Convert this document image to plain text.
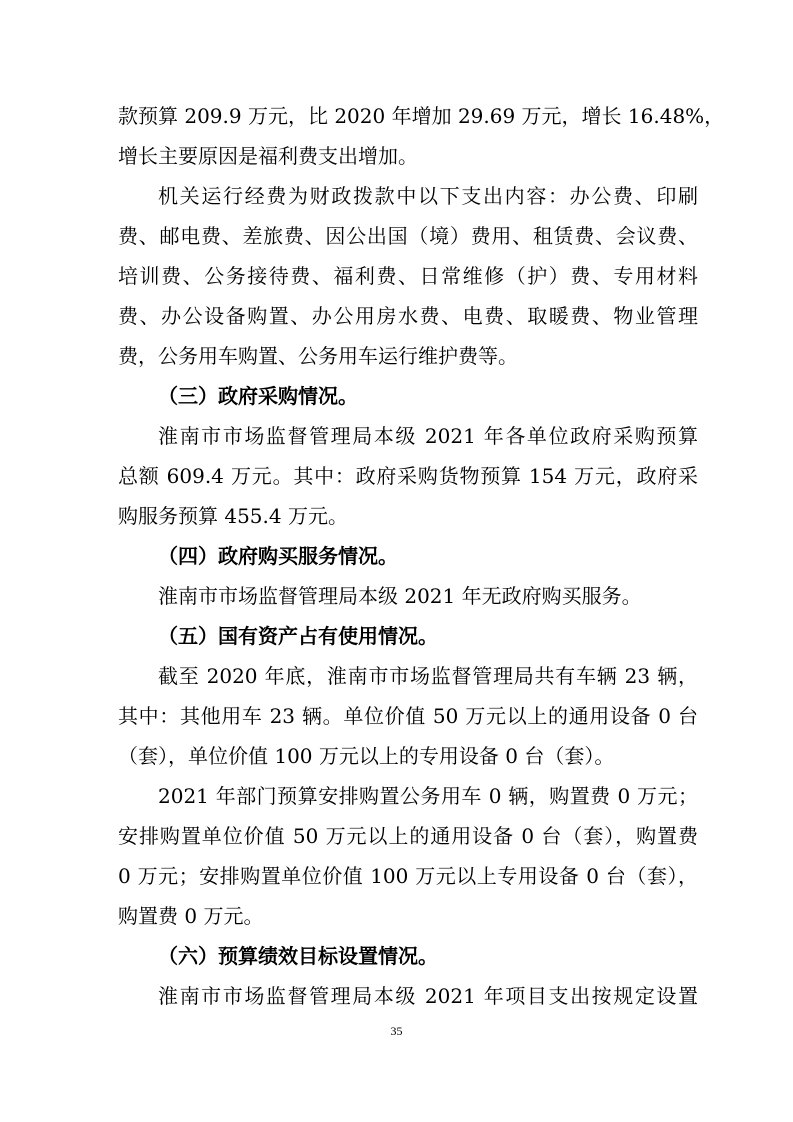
款预算 209.9 万元，比 2020 年增加 29.69 万元，增长 16.48%，
增长主要原因是福利费支出增加。
机关运行经费为财政拨款中以下支出内容：办公费、印刷
费、邮电费、差旅费、因公出国（境）费用、租赁费、会议费、
培训费、公务接待费、福利费、日常维修（护）费、专用材料
费、办公设备购置、办公用房水费、电费、取暖费、物业管理
费，公务用车购置、公务用车运行维护费等。
（三）政府采购情况。
淮南市市场监督管理局本级 2021 年各单位政府采购预算
总额 609.4 万元。其中：政府采购货物预算 154 万元，政府采
购服务预算 455.4 万元。
（四）政府购买服务情况。
淮南市市场监督管理局本级 2021 年无政府购买服务。
（五）国有资产占有使用情况。
截至 2020 年底，淮南市市场监督管理局共有车辆 23 辆，
其中：其他用车 23 辆。单位价值 50 万元以上的通用设备 0 台
（套），单位价值 100 万元以上的专用设备 0 台（套）。
2021 年部门预算安排购置公务用车 0 辆，购置费 0 万元；
安排购置单位价值 50 万元以上的通用设备 0 台（套），购置费
0 万元；安排购置单位价值 100 万元以上专用设备 0 台（套），
购置费 0 万元。
（六）预算绩效目标设置情况。
淮南市市场监督管理局本级 2021 年项目支出按规定设置
35
